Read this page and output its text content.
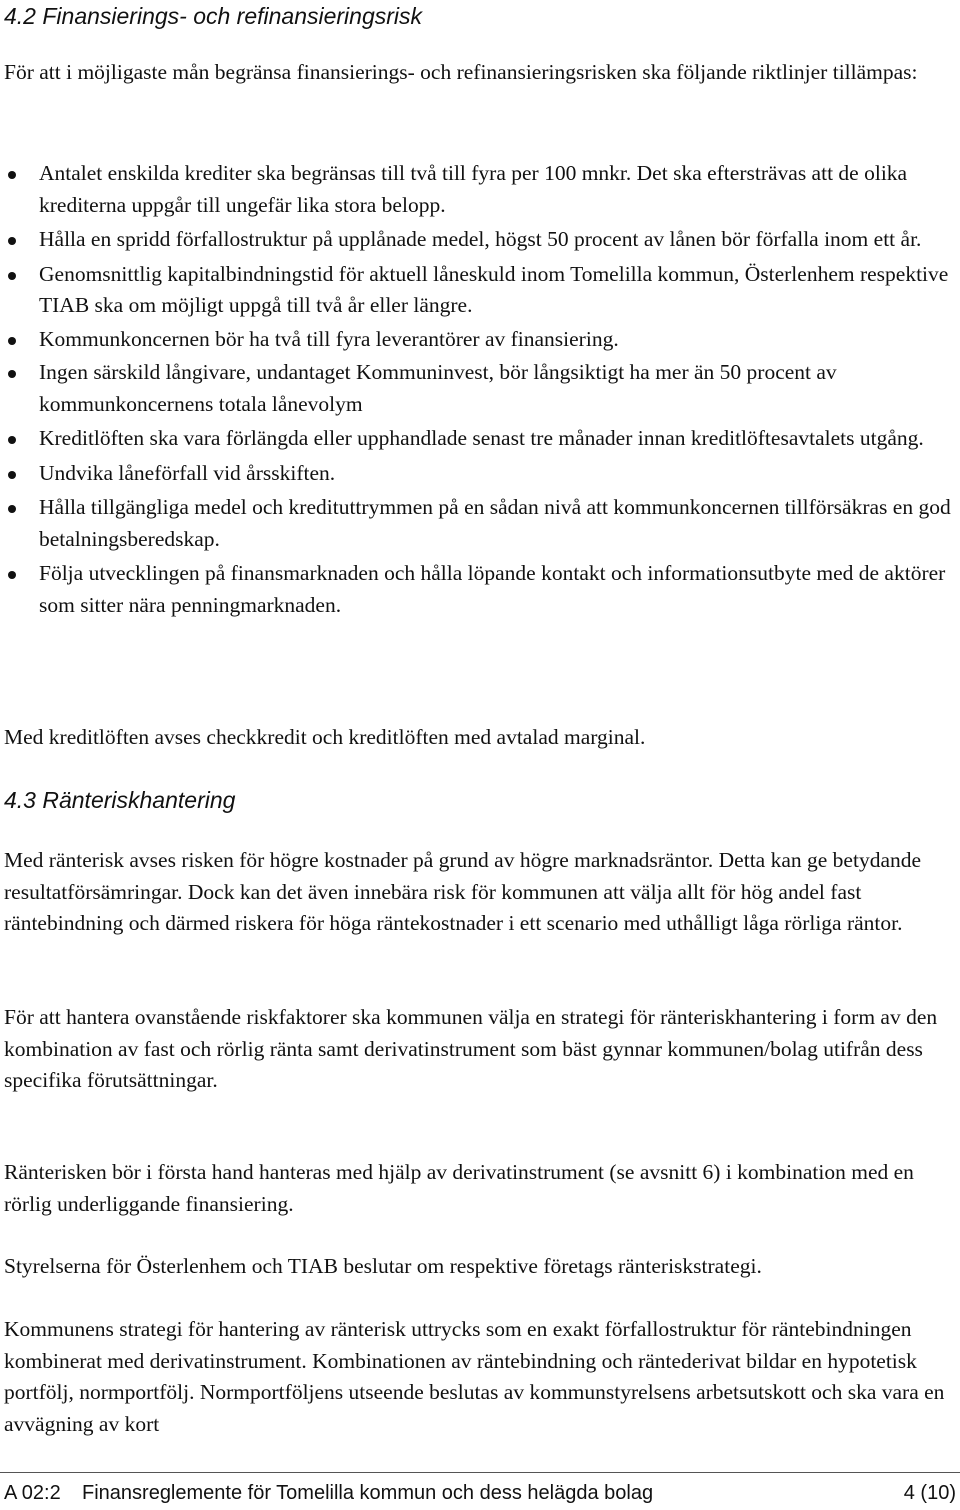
4.2 Finansierings- och refinansieringsrisk

För att i möjligaste mån begränsa finansierings- och refinansieringsrisken ska följande riktlinjer tillämpas:

Antalet enskilda krediter ska begränsas till två till fyra per 100 mnkr. Det ska eftersträvas att de olika krediterna uppgår till ungefär lika stora belopp.
Hålla en spridd förfallostruktur på upplånade medel, högst 50 procent av lånen bör förfalla inom ett år.
Genomsnittlig kapitalbindningstid för aktuell låneskuld inom Tomelilla kommun, Österlenhem respektive TIAB ska om möjligt uppgå till två år eller längre.
Kommunkoncernen bör ha två till fyra leverantörer av finansiering.
Ingen särskild långivare, undantaget Kommuninvest, bör långsiktigt ha mer än 50 procent av kommunkoncernens totala lånevolym
Kreditlöften ska vara förlängda eller upphandlade senast tre månader innan kreditlöftesavtalets utgång.
Undvika låneförfall vid årsskiften.
Hålla tillgängliga medel och kredituttrymmen på en sådan nivå att kommunkoncernen tillförsäkras en god betalningsberedskap.
Följa utvecklingen på finansmarknaden och hålla löpande kontakt och informationsutbyte med de aktörer som sitter nära penningmarknaden.

Med kreditlöften avses checkkredit och kreditlöften med avtalad marginal.

4.3 Ränteriskhantering

Med ränterisk avses risken för högre kostnader på grund av högre marknadsräntor. Detta kan ge betydande resultatförsämringar. Dock kan det även innebära risk för kommunen att välja allt för hög andel fast räntebindning och därmed riskera för höga räntekostnader i ett scenario med uthålligt låga rörliga räntor.

För att hantera ovanstående riskfaktorer ska kommunen välja en strategi för ränteriskhantering i form av den kombination av fast och rörlig ränta samt derivatinstrument som bäst gynnar kommunen/bolag utifrån dess specifika förutsättningar.

Ränterisken bör i första hand hanteras med hjälp av derivatinstrument (se avsnitt 6) i kombination med en rörlig underliggande finansiering.

Styrelserna för Österlenhem och TIAB beslutar om respektive företags ränteriskstrategi.

Kommunens strategi för hantering av ränterisk uttrycks som en exakt förfallostruktur för räntebindningen kombinerat med derivatinstrument. Kombinationen av räntebindning och räntederivat bildar en hypotetisk portfölj, normportfölj. Normportföljens utseende beslutas av kommunstyrelsens arbetsutskott och ska vara en avvägning av kort

A 02:2 Finansreglemente för Tomelilla kommun och dess helägda bolag	4 (10)
